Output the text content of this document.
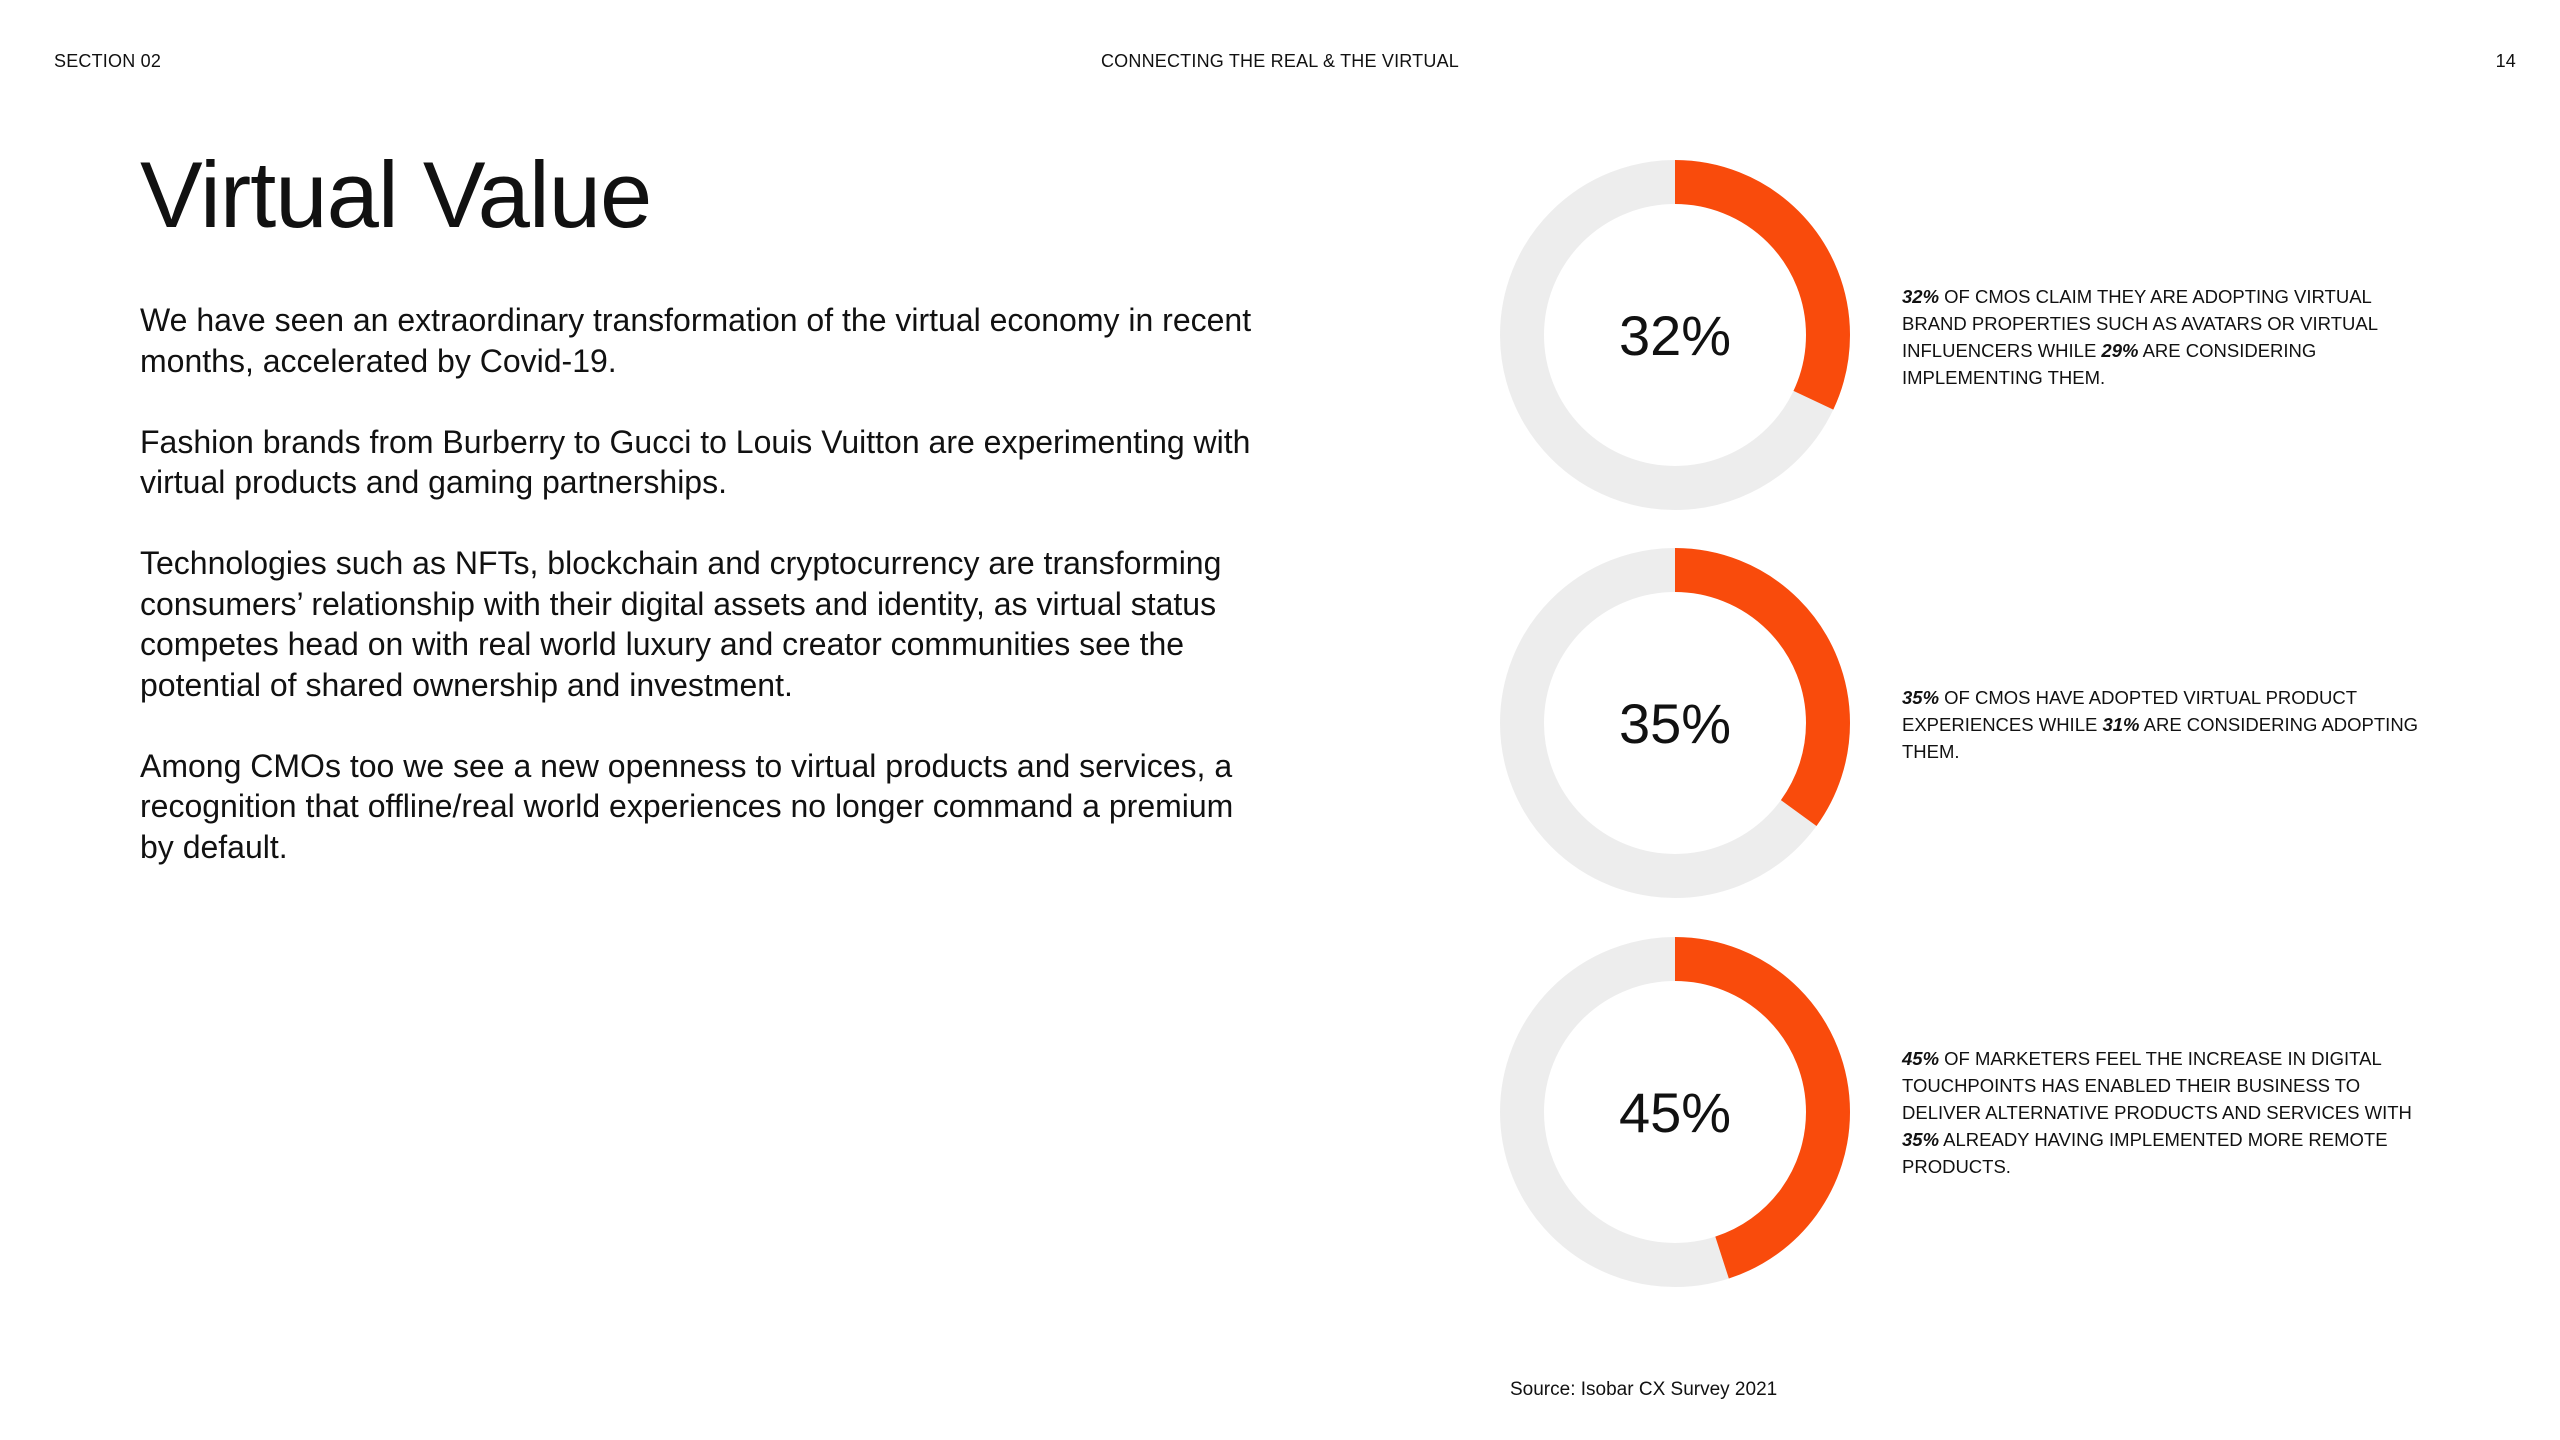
SECTION 02	CONNECTING THE REAL & THE VIRTUAL	14
Virtual Value

We have seen an extraordinary transformation of the virtual economy in recent months, accelerated by Covid-19.

Fashion brands from Burberry to Gucci to Louis Vuitton are experimenting with virtual products and gaming partnerships.

Technologies such as NFTs, blockchain and cryptocurrency are transforming consumers’ relationship with their digital assets and identity, as virtual status competes head on with real world luxury and creator communities see the potential of shared ownership and investment.

Among CMOs too we see a new openness to virtual products and services, a recognition that offline/real world experiences no longer command a premium by default.

32%
32% OF CMOS CLAIM THEY ARE ADOPTING VIRTUAL BRAND PROPERTIES SUCH AS AVATARS OR VIRTUAL INFLUENCERS WHILE 29% ARE CONSIDERING IMPLEMENTING THEM.
35%	35% OF CMOS HAVE ADOPTED VIRTUAL PRODUCT EXPERIENCES WHILE 31% ARE CONSIDERING ADOPTING THEM.
45%
45% OF MARKETERS FEEL THE INCREASE IN DIGITAL TOUCHPOINTS HAS ENABLED THEIR BUSINESS TO DELIVER ALTERNATIVE PRODUCTS AND SERVICES WITH 35% ALREADY HAVING IMPLEMENTED MORE REMOTE PRODUCTS.
Source: Isobar CX Survey 2021
